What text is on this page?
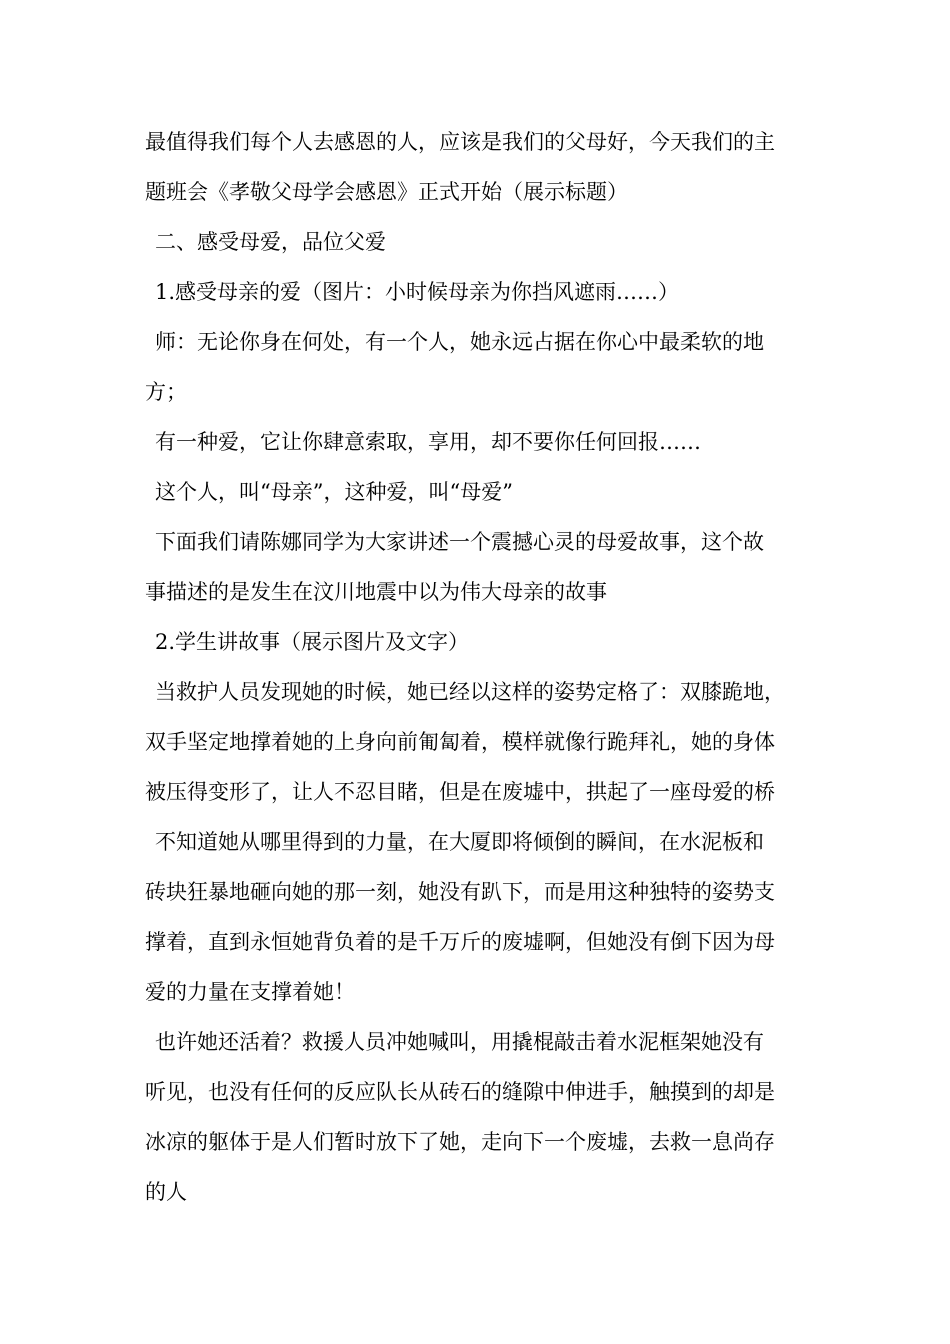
最值得我们每个人去感恩的人，应该是我们的父母好，今天我们的主
题班会《孝敬父母学会感恩》正式开始（展示标题）
二、感受母爱，品位父爱
1.感受母亲的爱（图片：小时候母亲为你挡风遮雨……）
师：无论你身在何处，有一个人，她永远占据在你心中最柔软的地
方；
有一种爱，它让你肆意索取，享用，却不要你任何回报……
这个人，叫“母亲”，这种爱，叫“母爱”
下面我们请陈娜同学为大家讲述一个震撼心灵的母爱故事，这个故
事描述的是发生在汶川地震中以为伟大母亲的故事
2.学生讲故事（展示图片及文字）
当救护人员发现她的时候，她已经以这样的姿势定格了：双膝跪地，
双手坚定地撑着她的上身向前匍匐着，模样就像行跪拜礼，她的身体
被压得变形了，让人不忍目睹，但是在废墟中，拱起了一座母爱的桥
不知道她从哪里得到的力量，在大厦即将倾倒的瞬间，在水泥板和
砖块狂暴地砸向她的那一刻，她没有趴下，而是用这种独特的姿势支
撑着，直到永恒她背负着的是千万斤的废墟啊，但她没有倒下因为母
爱的力量在支撑着她！
也许她还活着？救援人员冲她喊叫，用撬棍敲击着水泥框架她没有
听见，也没有任何的反应队长从砖石的缝隙中伸进手，触摸到的却是
冰凉的躯体于是人们暂时放下了她，走向下一个废墟，去救一息尚存
的人
